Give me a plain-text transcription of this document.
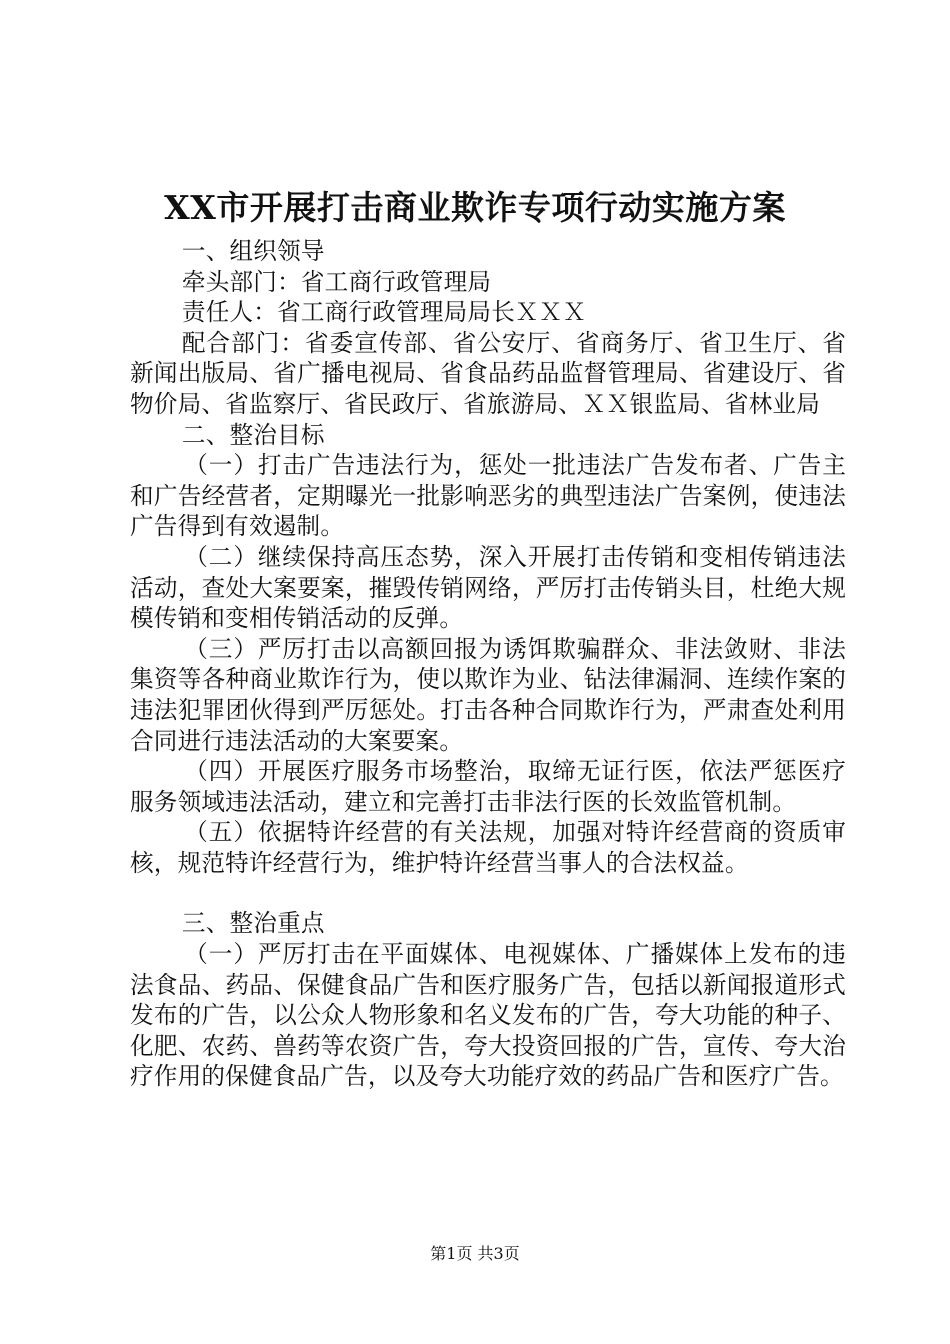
XX市开展打击商业欺诈专项行动实施方案

一、组织领导

牵头部门：省工商行政管理局

责任人：省工商行政管理局局长ＸＸＸ

配合部门：省委宣传部、省公安厅、省商务厅、省卫生厅、省新闻出版局、省广播电视局、省食品药品监督管理局、省建设厅、省物价局、省监察厅、省民政厅、省旅游局、ＸＸ银监局、省林业局

二、整治目标

（一）打击广告违法行为，惩处一批违法广告发布者、广告主和广告经营者，定期曝光一批影响恶劣的典型违法广告案例，使违法广告得到有效遏制。

（二）继续保持高压态势，深入开展打击传销和变相传销违法活动，查处大案要案，摧毁传销网络，严厉打击传销头目，杜绝大规模传销和变相传销活动的反弹。

（三）严厉打击以高额回报为诱饵欺骗群众、非法敛财、非法集资等各种商业欺诈行为，使以欺诈为业、钻法律漏洞、连续作案的违法犯罪团伙得到严厉惩处。打击各种合同欺诈行为，严肃查处利用合同进行违法活动的大案要案。

（四）开展医疗服务市场整治，取缔无证行医，依法严惩医疗服务领域违法活动，建立和完善打击非法行医的长效监管机制。

（五）依据特许经营的有关法规，加强对特许经营商的资质审核，规范特许经营行为，维护特许经营当事人的合法权益。

三、整治重点

（一）严厉打击在平面媒体、电视媒体、广播媒体上发布的违法食品、药品、保健食品广告和医疗服务广告，包括以新闻报道形式发布的广告，以公众人物形象和名义发布的广告，夸大功能的种子、化肥、农药、兽药等农资广告，夸大投资回报的广告，宣传、夸大治疗作用的保健食品广告，以及夸大功能疗效的药品广告和医疗广告。

第1页 共3页
